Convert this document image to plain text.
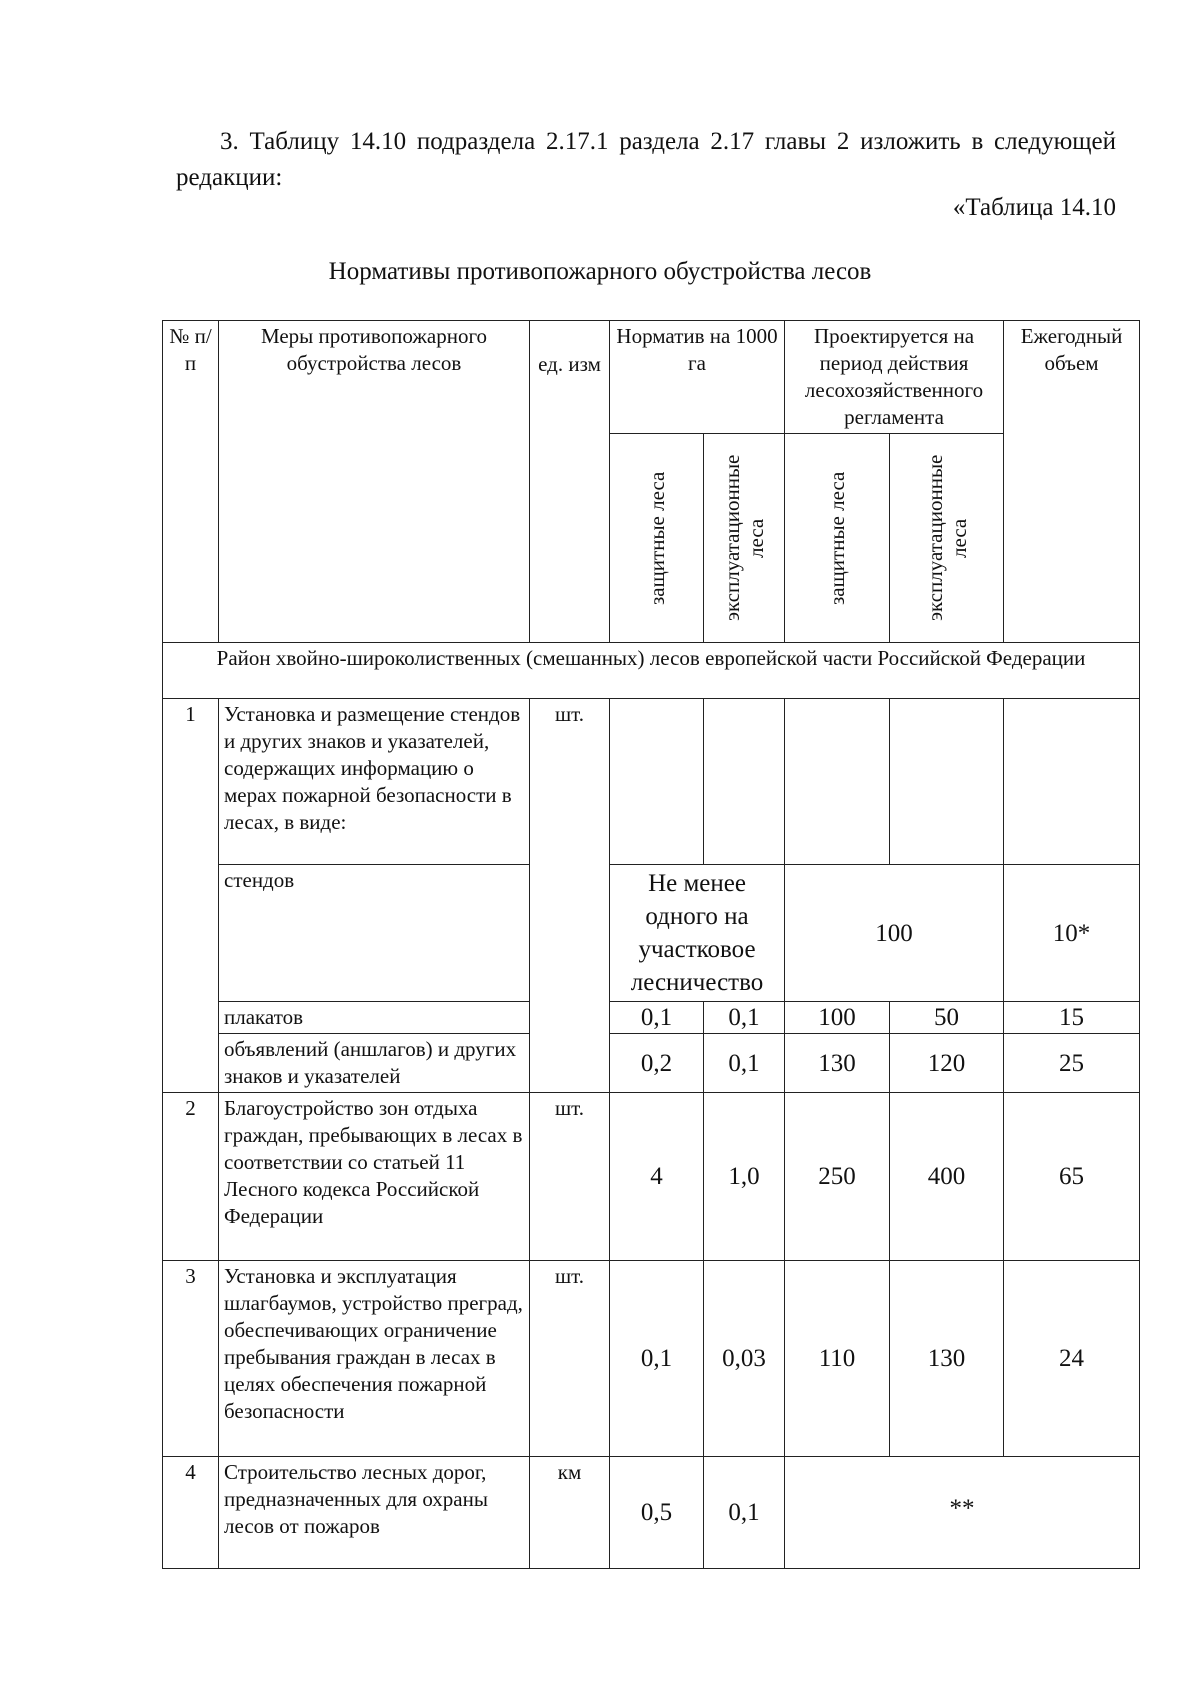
3. Таблицу 14.10 подраздела 2.17.1 раздела 2.17 главы 2 изложить в следующей редакции:
«Таблица 14.10
Нормативы противопожарного обустройства лесов
№ п/п	Меры противопожарного обустройства лесов	ед. изм	Норматив на 1000 га		Проектируется на период действия лесохозяйственного регламента		Ежегодный объем

			защитные леса	эксплуатационные леса	защитные леса	эксплуатационные леса	

Район хвойно-широколиственных (смешанных) лесов европейской части Российской Федерации							
1	Установка и размещение стендов и других знаков и указателей, содержащих информацию о мерах пожарной безопасности в лесах, в виде:	шт.					
	стендов		Не менее одного на участковое лесничество		100		10*
	плакатов		0,1	0,1	100	50	15
	объявлений (аншлагов) и других знаков и указателей		0,2	0,1	130	120	25
2	Благоустройство зон отдыха граждан, пребывающих в лесах в соответствии со статьей 11 Лесного кодекса Российской Федерации	шт.	4	1,0	250	400	65
3	Установка и эксплуатация шлагбаумов, устройство преград, обеспечивающих ограничение пребывания граждан в лесах в целях обеспечения пожарной безопасности	шт.	0,1	0,03	110	130	24
4	Строительство лесных дорог, предназначенных для охраны лесов от пожаров	км	0,5	0,1	**		
